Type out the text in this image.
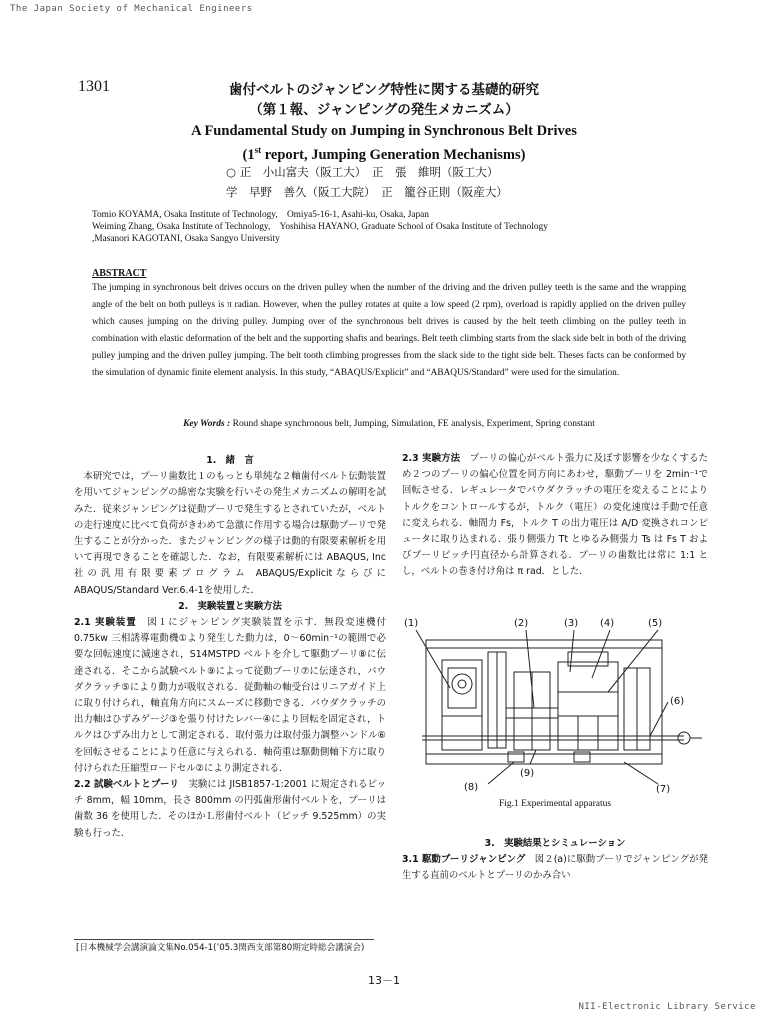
The Japan Society of Mechanical Engineers
1301	歯付ベルトのジャンピング特性に関する基礎的研究
（第１報、ジャンピングの発生メカニズム）
A Fundamental Study on Jumping in Synchronous Belt Drives
(1st report, Jumping Generation Mechanisms)
○ 正　小山富夫（阪工大）　正　張　維明（阪工大）
学　早野　善久（阪工大院）　正　籠谷正則（阪産大）
Tomio KOYAMA, Osaka Institute of Technology,　Omiya5-16-1, Asahi-ku, Osaka, Japan
Weiming Zhang, Osaka Institute of Technology,　Yoshihisa HAYANO, Graduate School of Osaka Institute of Technology
,Masanori KAGOTANI, Osaka Sangyo University
ABSTRACT
The jumping in synchronous belt drives occurs on the driven pulley when the number of the driving and the driven pulley teeth is the same and the wrapping angle of the belt on both pulleys is π radian. However, when the pulley rotates at quite a low speed (2 rpm), overload is rapidly applied on the driven pulley which causes jumping on the driving pulley. Jumping over of the synchronous belt drives is caused by the belt teeth climbing on the pulley teeth in combination with elastic deformation of the belt and the supporting shafts and bearings. Belt teeth climbing starts from the slack side belt in both of the driving pulley jumping and the driven pulley jumping. The belt tooth climbing progresses from the slack side to the tight side belt. Theses facts can be conformed by the simulation of dynamic finite element analysis. In this study, “ABAQUS/Explicit” and “ABAQUS/Standard” were used for the simulation.
Key Words : Round shape synchronous belt, Jumping, Simulation, FE analysis, Experiment, Spring constant

1.　緒　言

本研究では，プーリ歯数比１のもっとも単純な２軸歯付ベルト伝動装置を用いてジャンピングの綿密な実験を行いその発生メカニズムの解明を試みた．従来ジャンピングは従動プーリで発生するとされていたが，ベルトの走行速度に比べて負荷がきわめて急激に作用する場合は駆動プーリで発生することが分かった．またジャンピングの様子は動的有限要素解析を用いて再現できることを確認した．なお，有限要素解析には ABAQUS, Inc 社の汎用有限要素プログラム ABAQUS/Explicitならびに ABAQUS/Standard Ver.6.4-1を使用した．

2.　実験装置と実験方法

2.1 実験装置　図１にジャンピング実験装置を示す．無段変速機付 0.75kw 三相誘導電動機①より発生した動力は，0～60min⁻¹の範囲で必要な回転速度に減速され，S14MSTPD ベルトを介して駆動プーリ⑧に伝達される．そこから試験ベルト⑨によって従動プーリ⑦に伝達され，パウダクラッチ⑤により動力が吸収される．従動軸の軸受台はリニアガイド上に取り付けられ，軸直角方向にスムーズに移動できる．パウダクラッチの出力軸はひずみゲージ③を張り付けたレバー④により回転を固定され，トルクはひずみ出力として測定される．取付張力は取付張力調整ハンドル⑥を回転させることにより任意に与えられる．軸荷重は駆動側軸下方に取り付けられた圧縮型ロードセル②により測定される．

2.2 試験ベルトとプーリ　実験には JISB1857-1:2001 に規定されるピッチ 8mm，幅 10mm，長さ 800mm の円弧歯形歯付ベルトを，プーリは歯数 36 を使用した．そのほかＬ形歯付ベルト（ピッチ 9.525mm）の実験も行った．

2.3 実験方法　プーリの偏心がベルト張力に及ぼす影響を少なくするため２つのプーリの偏心位置を同方向にあわせ，駆動プーリを 2min⁻¹で回転させる．レギュレータでパウダクラッチの電圧を変えることによりトルクをコントロールするが，トルク（電圧）の変化速度は手動で任意に変えられる．軸間力 Fs，トルク T の出力電圧は A/D 変換されコンピュータに取り込まれる．張り側張力 Tt とゆるみ側張力 Ts は Fs T およびプーリピッチ円直径から計算される．プーリの歯数比は常に 1:1 とし，ベルトの巻き付け角は π rad．とした．

(1)	(2)	(3) (4)	(5)
(6)
(7)
(8)
(9)
Fig.1 Experimental apparatus

3.　実験結果とシミュレーション

3.1 駆動プーリジャンピング　図２(a)に駆動プーリでジャンピングが発生する直前のベルトとプーリのかみ合い

[日本機械学会講演論文集No.054-1(’05.3関西支部第80期定時総会講演会)
13－1
NII-Electronic Library Service
